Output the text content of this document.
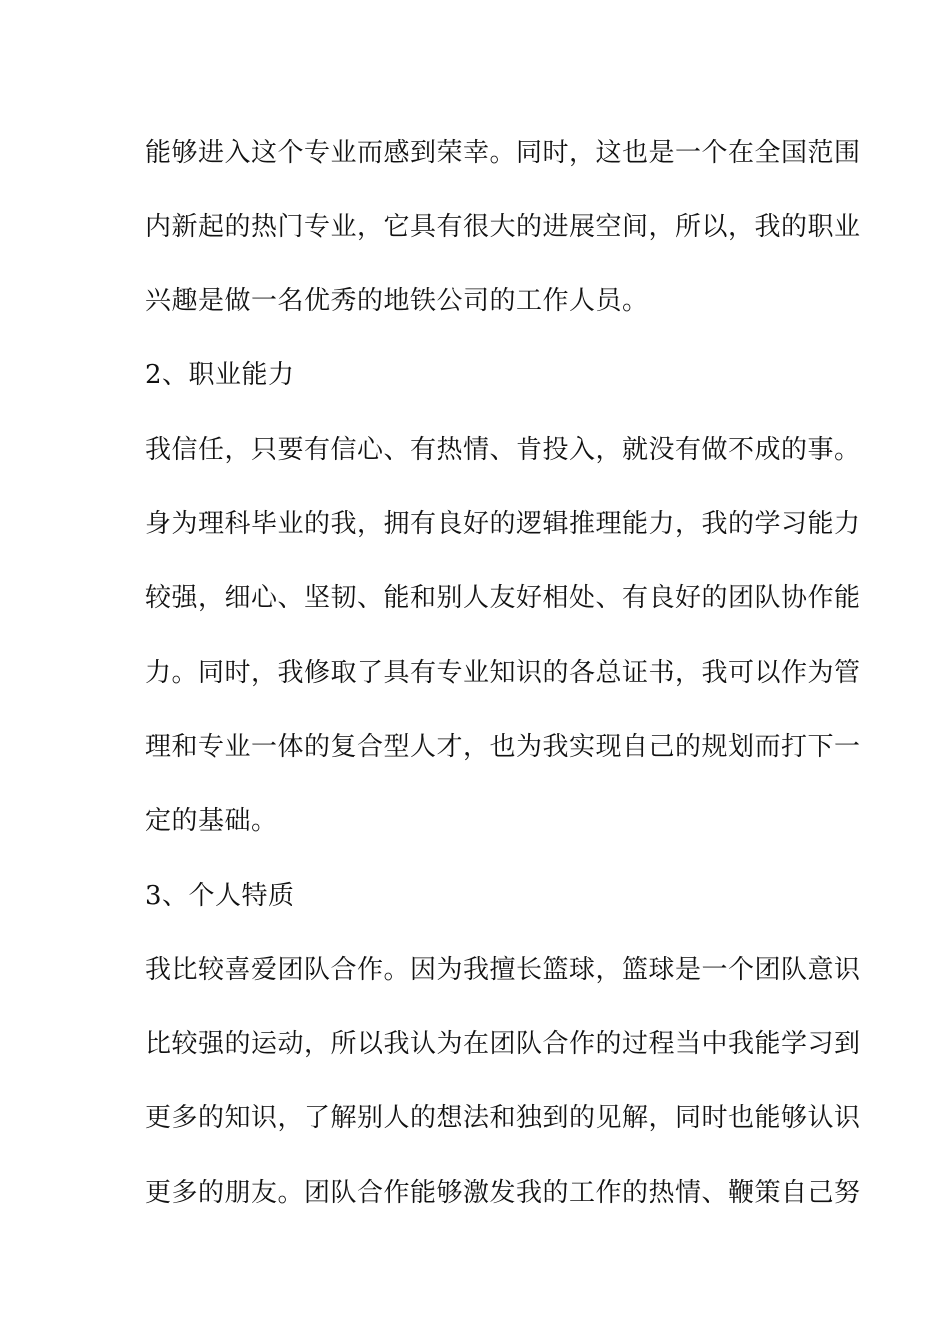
能够进入这个专业而感到荣幸。同时，这也是一个在全国范围
内新起的热门专业，它具有很大的进展空间，所以，我的职业
兴趣是做一名优秀的地铁公司的工作人员。
2、职业能力
我信任，只要有信心、有热情、肯投入，就没有做不成的事。
身为理科毕业的我，拥有良好的逻辑推理能力，我的学习能力
较强，细心、坚韧、能和别人友好相处、有良好的团队协作能
力。同时，我修取了具有专业知识的各总证书，我可以作为管
理和专业一体的复合型人才，也为我实现自己的规划而打下一
定的基础。
3、个人特质
我比较喜爱团队合作。因为我擅长篮球，篮球是一个团队意识
比较强的运动，所以我认为在团队合作的过程当中我能学习到
更多的知识，了解别人的想法和独到的见解，同时也能够认识
更多的朋友。团队合作能够激发我的工作的热情、鞭策自己努
